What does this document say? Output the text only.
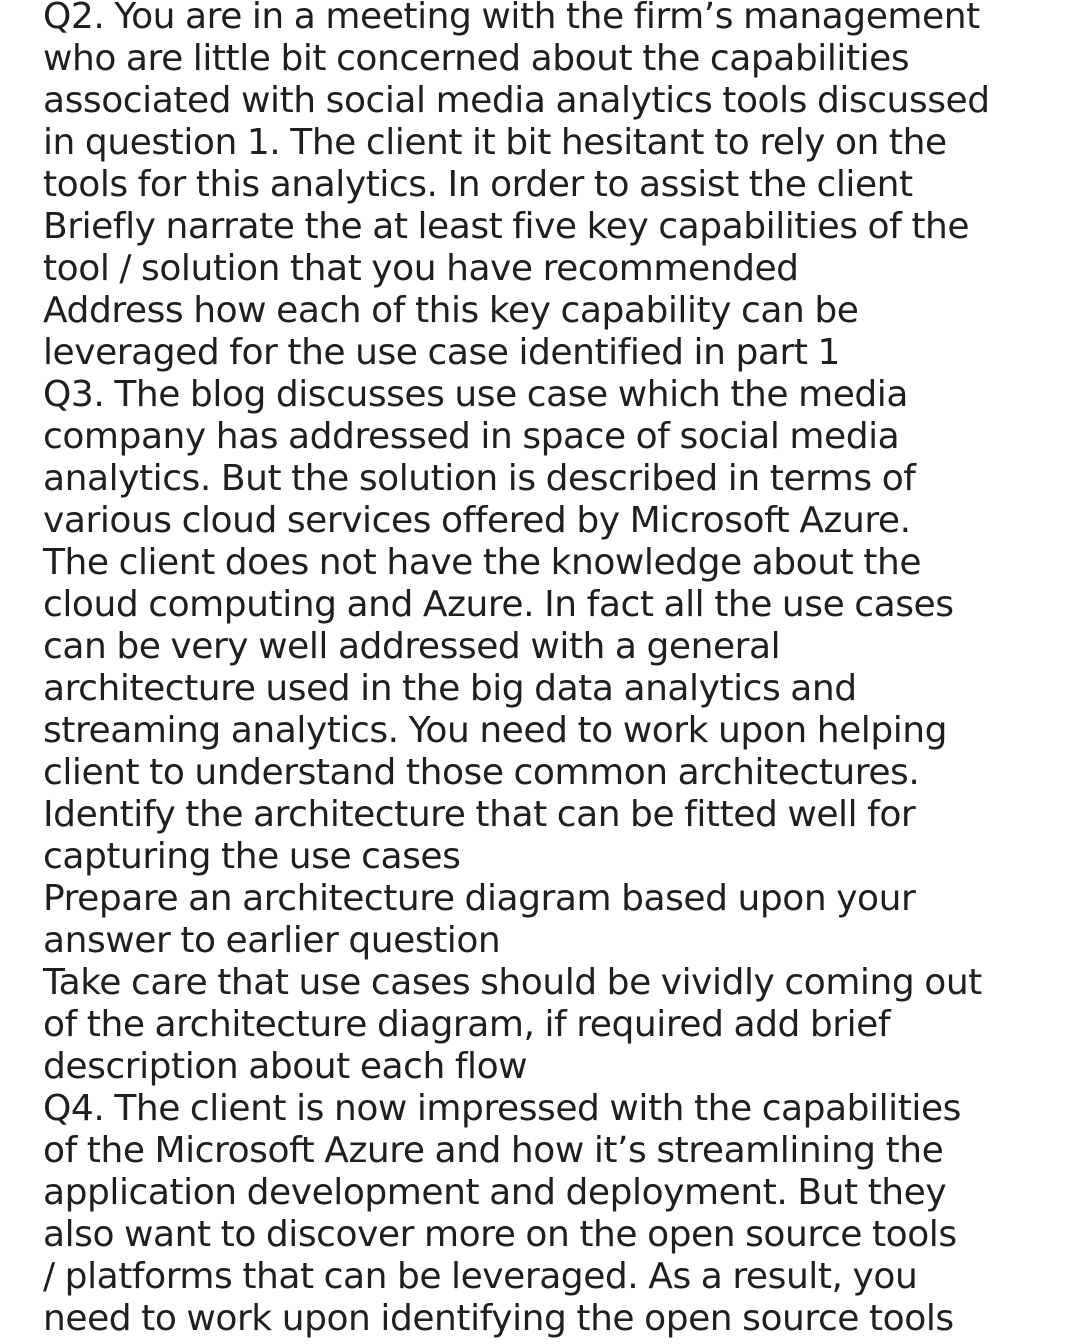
Q2. You are in a meeting with the firm’s management
who are little bit concerned about the capabilities
associated with social media analytics tools discussed
in question 1. The client it bit hesitant to rely on the
tools for this analytics. In order to assist the client
Briefly narrate the at least five key capabilities of the
tool / solution that you have recommended
Address how each of this key capability can be
leveraged for the use case identified in part 1
Q3. The blog discusses use case which the media
company has addressed in space of social media
analytics. But the solution is described in terms of
various cloud services offered by Microsoft Azure.
The client does not have the knowledge about the
cloud computing and Azure. In fact all the use cases
can be very well addressed with a general
architecture used in the big data analytics and
streaming analytics. You need to work upon helping
client to understand those common architectures.
Identify the architecture that can be fitted well for
capturing the use cases
Prepare an architecture diagram based upon your
answer to earlier question
Take care that use cases should be vividly coming out
of the architecture diagram, if required add brief
description about each flow
Q4. The client is now impressed with the capabilities
of the Microsoft Azure and how it’s streamlining the
application development and deployment. But they
also want to discover more on the open source tools
/ platforms that can be leveraged. As a result, you
need to work upon identifying the open source tools
